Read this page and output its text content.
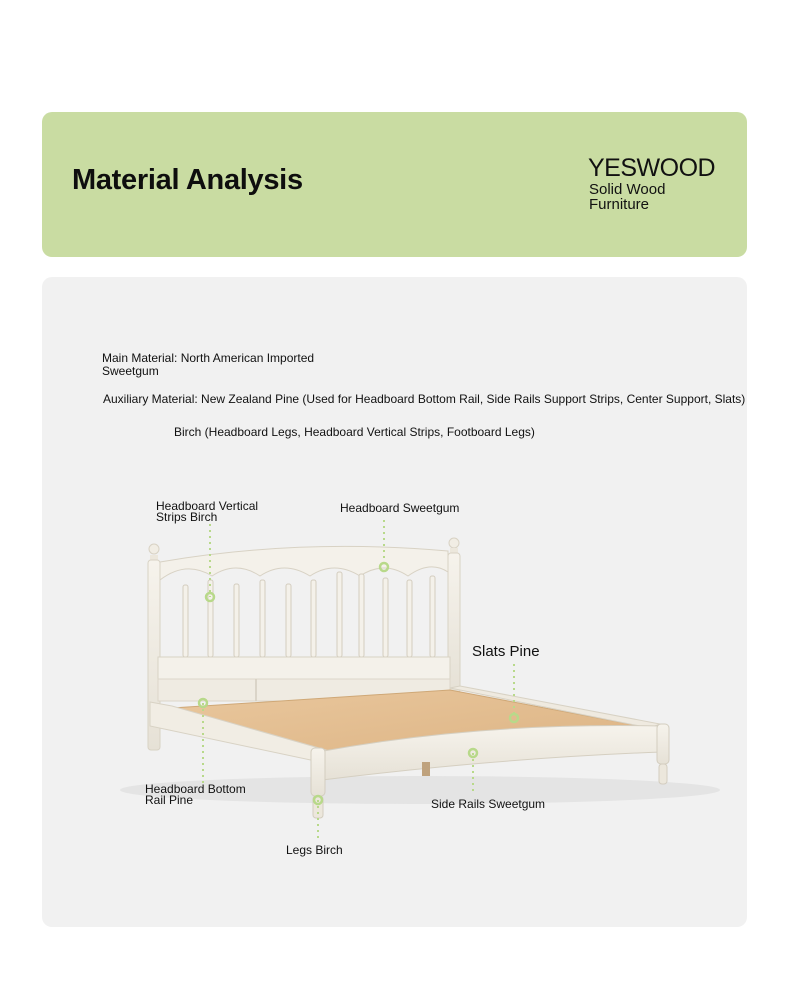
Material Analysis	YESWOOD
Solid Wood
Furniture
Main Material: North American Imported
Sweetgum
Auxiliary Material: New Zealand Pine (Used for Headboard Bottom Rail, Side Rails Support Strips, Center Support, Slats)
Birch (Headboard Legs, Headboard Vertical Strips, Footboard Legs)
Headboard Vertical
Strips Birch
Headboard Sweetgum
Slats Pine
Headboard Bottom
Rail Pine	Side Rails Sweetgum
Legs Birch
